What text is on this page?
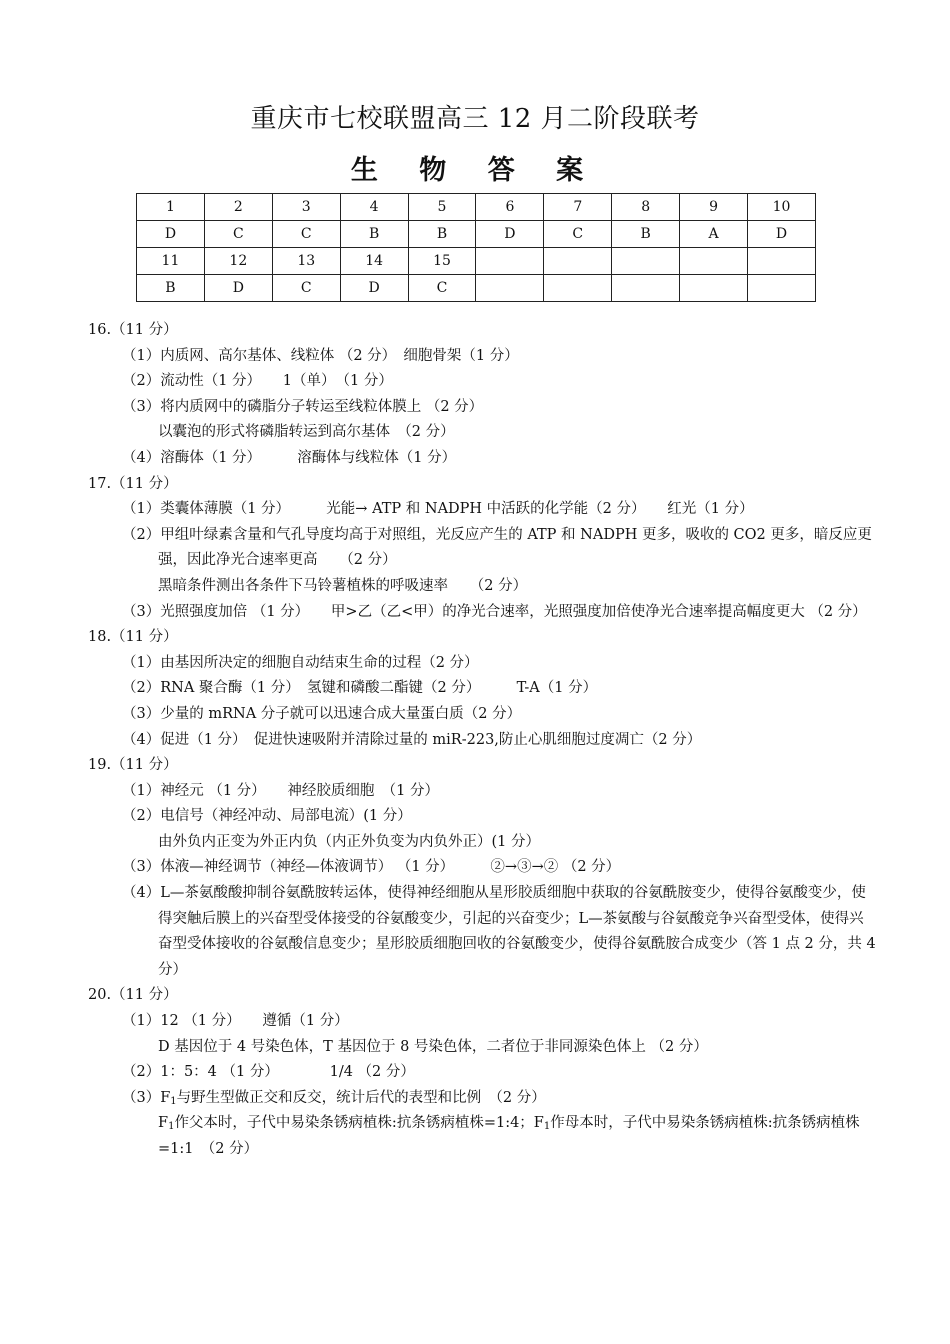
重庆市七校联盟高三 12 月二阶段联考
生 物 答 案
1	2	3	4	5	6	7	8	9	10
D	C	C	B	B	D	C	B	A	D
11	12	13	14	15					
B	D	C	D	C					

16.（11 分）

（1）内质网、高尔基体、线粒体 （2 分）　细胞骨架（1 分）

（2）流动性（1 分）　　1（单）　（1 分）

（3）将内质网中的磷脂分子转运至线粒体膜上 （2 分）

以囊泡的形式将磷脂转运到高尔基体　（2 分）

（4）溶酶体（1 分）　　　溶酶体与线粒体（1 分）

17.（11 分）

（1）类囊体薄膜（1 分）　　　光能→ ATP 和 NADPH 中活跃的化学能（2 分）　　红光（1 分）

（2）甲组叶绿素含量和气孔导度均高于对照组，光反应产生的 ATP 和 NADPH 更多，吸收的 CO2 更多，暗反应更强，因此净光合速率更高　　（2 分）

黑暗条件测出各条件下马铃薯植株的呼吸速率　　（2 分）

（3）光照强度加倍 （1 分）　　甲>乙（乙<甲）的净光合速率，光照强度加倍使净光合速率提高幅度更大 （2 分）

18.（11 分）

（1）由基因所决定的细胞自动结束生命的过程（2 分）

（2）RNA 聚合酶（1 分）　氢键和磷酸二酯键（2 分）　　　T-A（1 分）

（3）少量的 mRNA 分子就可以迅速合成大量蛋白质（2 分）

（4）促进（1 分）　促进快速吸附并清除过量的 miR-223,防止心肌细胞过度凋亡（2 分）

19.（11 分）

（1）神经元 （1 分）　　神经胶质细胞　（1 分）

（2）电信号（神经冲动、局部电流）(1 分）

由外负内正变为外正内负（内正外负变为内负外正）(1 分）

（3）体液—神经调节（神经—体液调节） （1 分）　　　②→③→② （2 分）

（4）L—茶氨酸酸抑制谷氨酰胺转运体，使得神经细胞从星形胶质细胞中获取的谷氨酰胺变少，使得谷氨酸变少，使得突触后膜上的兴奋型受体接受的谷氨酸变少，引起的兴奋变少；L—茶氨酸与谷氨酸竞争兴奋型受体，使得兴奋型受体接收的谷氨酸信息变少；星形胶质细胞回收的谷氨酸变少，使得谷氨酰胺合成变少（答 1 点 2 分，共 4 分）

20.（11 分）

（1）12 （1 分）　　遵循（1 分）

D 基因位于 4 号染色体，T 基因位于 8 号染色体，二者位于非同源染色体上 （2 分）

（2）1：5：4 （1 分）　　　　1/4 （2 分）

$(3)F_1$与野生型做正交和反交，统计后代的表型和比例　（2 分）

$F_1$作父本时，子代中易染条锈病植株:抗条锈病植株=1:4；$F_1$作母本时，子代中易染条锈病植株:抗条锈病植株=1:1　（2 分）
